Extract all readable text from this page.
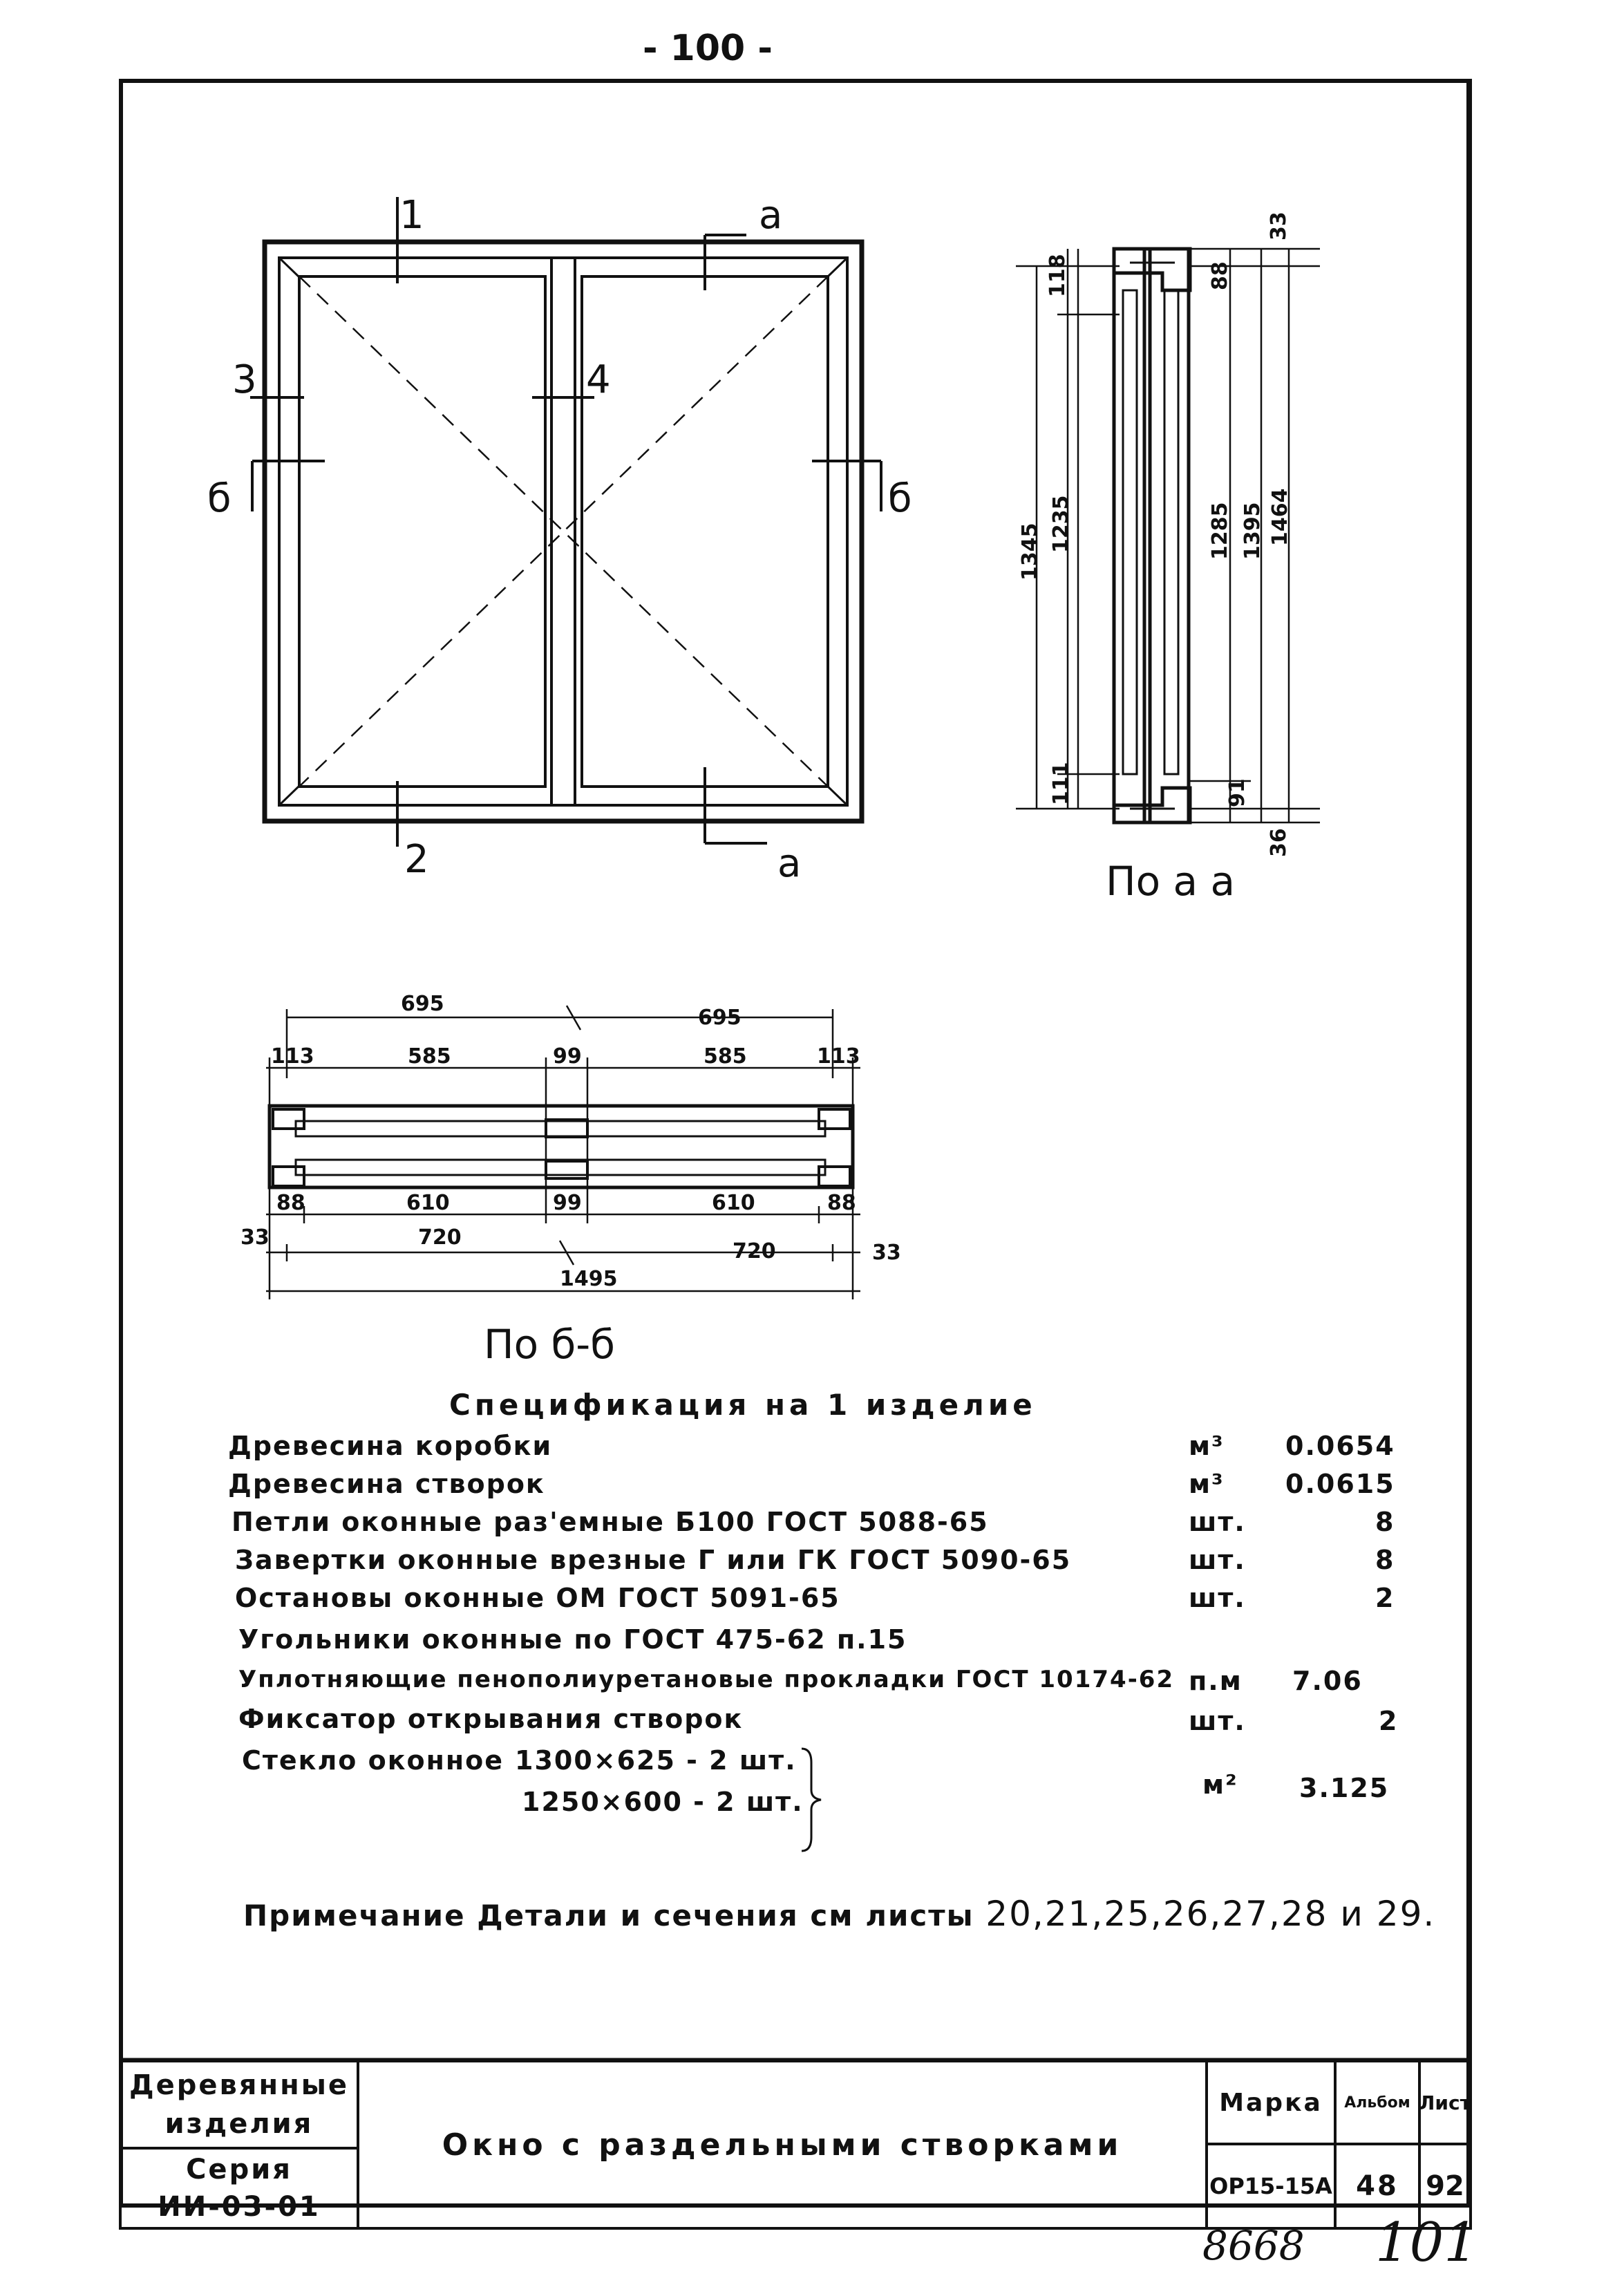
- 100 -
1
2
3	4
а
а
б	б
118
1345 1235
111
88
1285 1395 1464
91
33
36
По а а
695
695
113	585	99	585	113
88	610	99	610	88
33	720
720	33
1495
По б-б
Спецификация на 1 изделие
Древесина коробки	м³ 0.0654
Древесина створок	м³ 0.0615
Петли оконные раз'емные Б100 ГОСТ 5088-65	шт.	8
Завертки оконные врезные Г или ГК ГОСТ 5090-65	шт.	8
Остановы оконные ОМ ГОСТ 5091-65	шт.	2
Угольники оконные по ГОСТ 475-62 п.15
Уплотняющие пенополиуретановые прокладки ГОСТ 10174-62 п.м 7.06
Фиксатор открывания створок	шт.	2
Стекло оконное 1300×625 - 2 шт.
1250×600 - 2 шт.
м² 3.125
Примечание Детали и сечения см листы 20,21,25,26,27,28 и 29.
Деревянные
изделия
Серия
ИИ-03-01
Окно с раздельными створками
Марка
ОР15-15А
Альбом
48
Лист
92
8668 101
